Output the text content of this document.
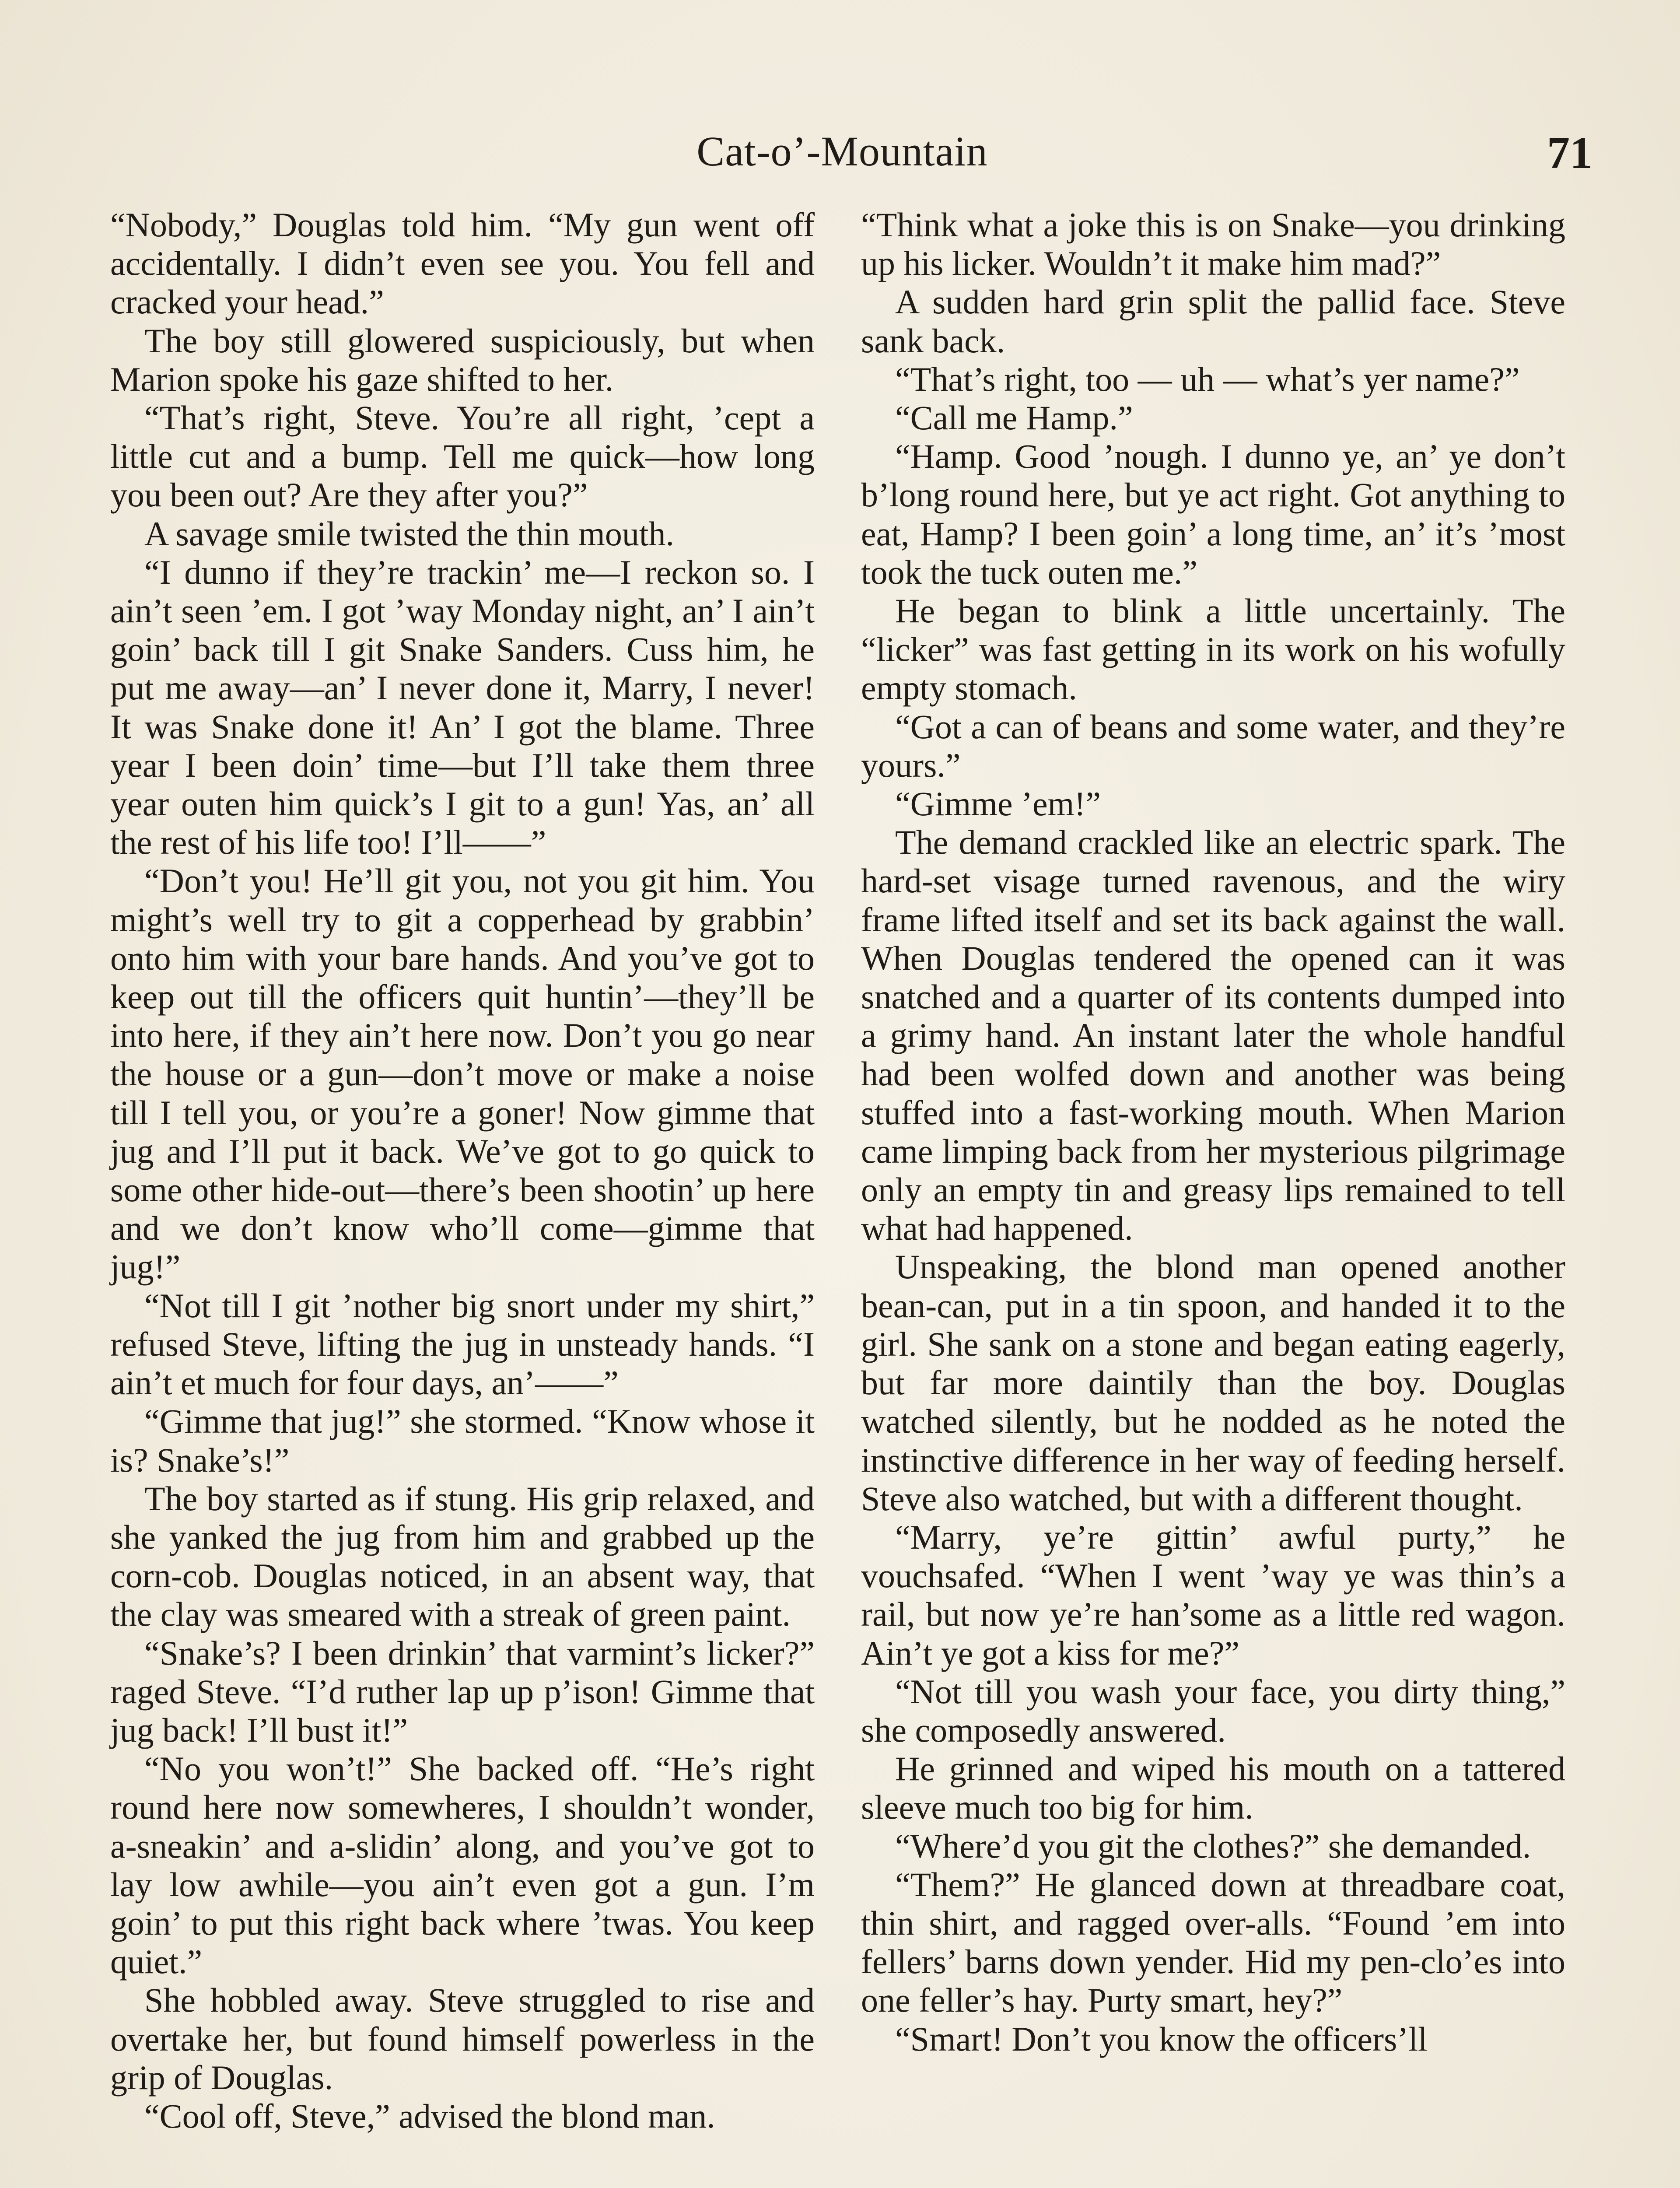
Cat-o’-Mountain	71

“Nobody,” Douglas told him. “My gun went off accidentally. I didn’t even see you. You fell and cracked your head.”

The boy still glowered suspiciously, but when Marion spoke his gaze shifted to her.

“That’s right, Steve. You’re all right, ’cept a little cut and a bump. Tell me quick—how long you been out? Are they after you?”

A savage smile twisted the thin mouth.

“I dunno if they’re trackin’ me—I reckon so. I ain’t seen ’em. I got ’way Monday night, an’ I ain’t goin’ back till I git Snake Sanders. Cuss him, he put me away—an’ I never done it, Marry, I never! It was Snake done it! An’ I got the blame. Three year I been doin’ time—but I’ll take them three year outen him quick’s I git to a gun! Yas, an’ all the rest of his life too! I’ll——”

“Don’t you! He’ll git you, not you git him. You might’s well try to git a copperhead by grabbin’ onto him with your bare hands. And you’ve got to keep out till the officers quit huntin’—they’ll be into here, if they ain’t here now. Don’t you go near the house or a gun—don’t move or make a noise till I tell you, or you’re a goner! Now gimme that jug and I’ll put it back. We’ve got to go quick to some other hide-out—there’s been shootin’ up here and we don’t know who’ll come—gimme that jug!”

“Not till I git ’nother big snort under my shirt,” refused Steve, lifting the jug in unsteady hands. “I ain’t et much for four days, an’——”

“Gimme that jug!” she stormed. “Know whose it is? Snake’s!”

The boy started as if stung. His grip relaxed, and she yanked the jug from him and grabbed up the corn-cob. Douglas noticed, in an absent way, that the clay was smeared with a streak of green paint.

“Snake’s? I been drinkin’ that varmint’s licker?” raged Steve. “I’d ruther lap up p’ison! Gimme that jug back! I’ll bust it!”

“No you won’t!” She backed off. “He’s right round here now somewheres, I shouldn’t wonder, a-sneakin’ and a-slidin’ along, and you’ve got to lay low awhile—you ain’t even got a gun. I’m goin’ to put this right back where ’twas. You keep quiet.”

She hobbled away. Steve struggled to rise and overtake her, but found himself powerless in the grip of Douglas.

“Cool off, Steve,” advised the blond man.

“Think what a joke this is on Snake—you drinking up his licker. Wouldn’t it make him mad?”

A sudden hard grin split the pallid face. Steve sank back.

“That’s right, too — uh — what’s yer name?”

“Call me Hamp.”

“Hamp. Good ’nough. I dunno ye, an’ ye don’t b’long round here, but ye act right. Got anything to eat, Hamp? I been goin’ a long time, an’ it’s ’most took the tuck outen me.”

He began to blink a little uncertainly. The “licker” was fast getting in its work on his wofully empty stomach.

“Got a can of beans and some water, and they’re yours.”

“Gimme ’em!”

The demand crackled like an electric spark. The hard-set visage turned ravenous, and the wiry frame lifted itself and set its back against the wall. When Douglas tendered the opened can it was snatched and a quarter of its contents dumped into a grimy hand. An instant later the whole handful had been wolfed down and another was being stuffed into a fast-working mouth. When Marion came limping back from her mysterious pilgrimage only an empty tin and greasy lips remained to tell what had happened.

Unspeaking, the blond man opened another bean-can, put in a tin spoon, and handed it to the girl. She sank on a stone and began eating eagerly, but far more daintily than the boy. Douglas watched silently, but he nodded as he noted the instinctive difference in her way of feeding herself. Steve also watched, but with a different thought.

“Marry, ye’re gittin’ awful purty,” he vouchsafed. “When I went ’way ye was thin’s a rail, but now ye’re han’some as a little red wagon. Ain’t ye got a kiss for me?”

“Not till you wash your face, you dirty thing,” she composedly answered.

He grinned and wiped his mouth on a tattered sleeve much too big for him.

“Where’d you git the clothes?” she demanded.

“Them?” He glanced down at threadbare coat, thin shirt, and ragged over-alls. “Found ’em into fellers’ barns down yender. Hid my pen-clo’es into one feller’s hay. Purty smart, hey?”

“Smart! Don’t you know the officers’ll
